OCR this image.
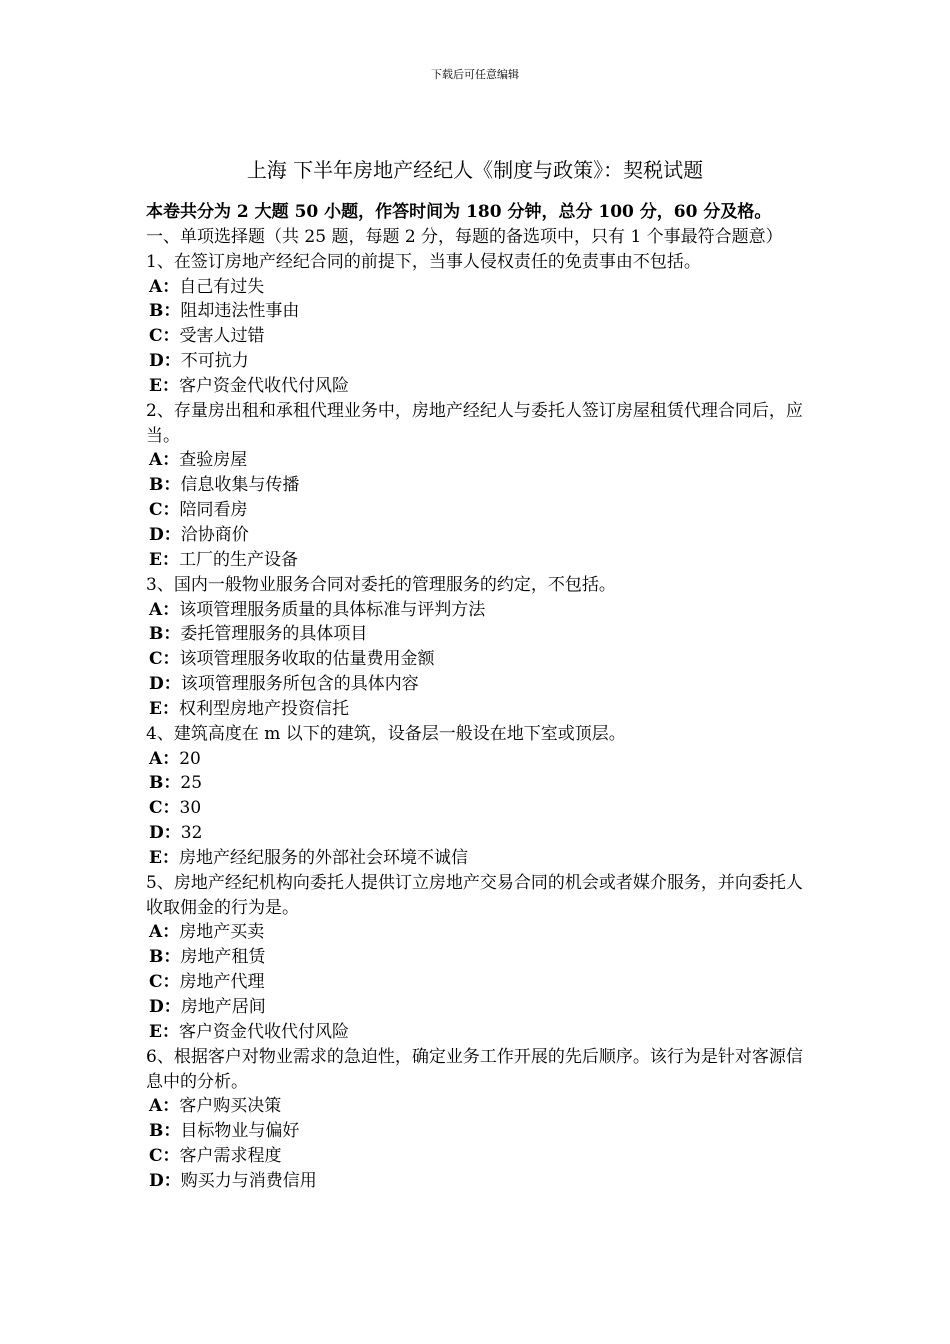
下载后可任意编辑
上海 下半年房地产经纪人《制度与政策》：契税试题
本卷共分为 2 大题 50 小题，作答时间为 180 分钟，总分 100 分，60 分及格。
一、单项选择题（共 25 题，每题 2 分，每题的备选项中，只有 1 个事最符合题意）
1、在签订房地产经纪合同的前提下，当事人侵权责任的免责事由不包括。
A：自己有过失
B：阻却违法性事由
C：受害人过错
D：不可抗力
E：客户资金代收代付风险
2、存量房出租和承租代理业务中，房地产经纪人与委托人签订房屋租赁代理合同后，应当。
A：查验房屋
B：信息收集与传播
C：陪同看房
D：洽协商价
E：工厂的生产设备
3、国内一般物业服务合同对委托的管理服务的约定，不包括。
A：该项管理服务质量的具体标准与评判方法
B：委托管理服务的具体项目
C：该项管理服务收取的估量费用金额
D：该项管理服务所包含的具体内容
E：权利型房地产投资信托
4、建筑高度在 m 以下的建筑，设备层一般设在地下室或顶层。
A：20
B：25
C：30
D：32
E：房地产经纪服务的外部社会环境不诚信
5、房地产经纪机构向委托人提供订立房地产交易合同的机会或者媒介服务，并向委托人收取佣金的行为是。
A：房地产买卖
B：房地产租赁
C：房地产代理
D：房地产居间
E：客户资金代收代付风险
6、根据客户对物业需求的急迫性，确定业务工作开展的先后顺序。该行为是针对客源信息中的分析。
A：客户购买决策
B：目标物业与偏好
C：客户需求程度
D：购买力与消费信用
